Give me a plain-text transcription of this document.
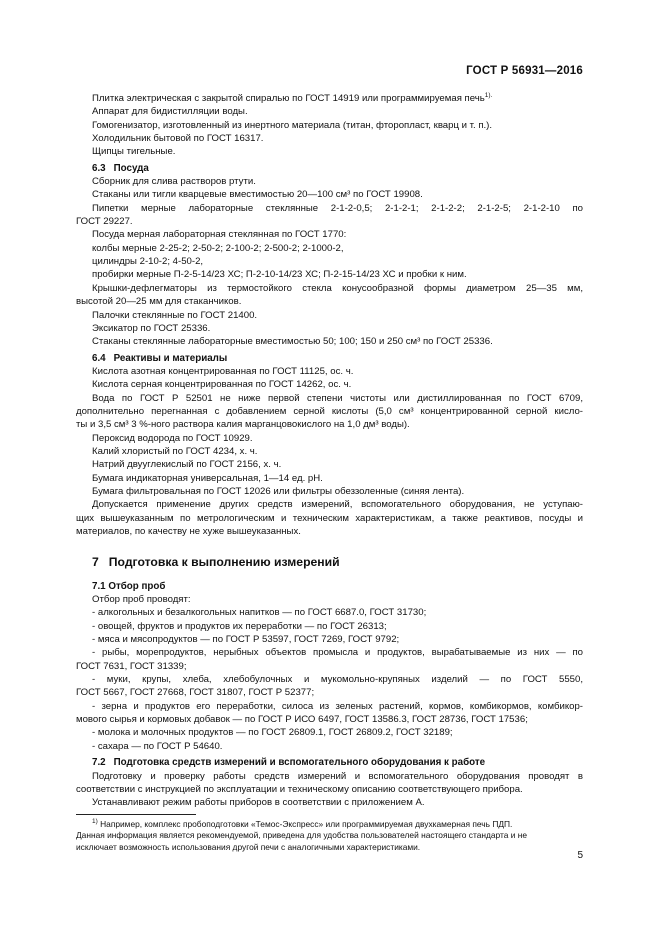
ГОСТ Р 56931—2016
Плитка электрическая с закрытой спиралью по ГОСТ 14919 или программируемая печь$^{1).}$
Аппарат для бидистилляции воды.
Гомогенизатор, изготовленный из инертного материала (титан, фторопласт, кварц и т. п.).
Холодильник бытовой по ГОСТ 16317.
Щипцы тигельные.
6.3 Посуда
Сборник для слива растворов ртути.
Стаканы или тигли кварцевые вместимостью 20—100 см³ по ГОСТ 19908.
Пипетки мерные лабораторные стеклянные 2-1-2-0,5; 2-1-2-1; 2-1-2-2; 2-1-2-5; 2-1-2-10 по
ГОСТ 29227.
Посуда мерная лабораторная стеклянная по ГОСТ 1770:
колбы мерные 2-25-2; 2-50-2; 2-100-2; 2-500-2; 2-1000-2,
цилиндры 2-10-2; 4-50-2,
пробирки мерные П-2-5-14/23 ХС; П-2-10-14/23 ХС; П-2-15-14/23 ХС и пробки к ним.
Крышки-дефлегматоры из термостойкого стекла конусообразной формы диаметром 25—35 мм,
высотой 20—25 мм для стаканчиков.
Палочки стеклянные по ГОСТ 21400.
Эксикатор по ГОСТ 25336.
Стаканы стеклянные лабораторные вместимостью 50; 100; 150 и 250 см³ по ГОСТ 25336.
6.4 Реактивы и материалы
Кислота азотная концентрированная по ГОСТ 11125, ос. ч.
Кислота серная концентрированная по ГОСТ 14262, ос. ч.
Вода по ГОСТ Р 52501 не ниже первой степени чистоты или дистиллированная по ГОСТ 6709,
дополнительно перегнанная с добавлением серной кислоты (5,0 см³ концентрированной серной кисло-
ты и 3,5 см³ 3 %-ного раствора калия марганцовокислого на 1,0 дм³ воды).
Пероксид водорода по ГОСТ 10929.
Калий хлористый по ГОСТ 4234, х. ч.
Натрий двууглекислый по ГОСТ 2156, х. ч.
Бумага индикаторная универсальная, 1—14 ед. pH.
Бумага фильтровальная по ГОСТ 12026 или фильтры обеззоленные (синяя лента).
Допускается применение других средств измерений, вспомогательного оборудования, не уступаю-
щих вышеуказанным по метрологическим и техническим характеристикам, а также реактивов, посуды и
материалов, по качеству не хуже вышеуказанных.
7 Подготовка к выполнению измерений
7.1 Отбор проб
Отбор проб проводят:
- алкогольных и безалкогольных напитков — по ГОСТ 6687.0, ГОСТ 31730;
- овощей, фруктов и продуктов их переработки — по ГОСТ 26313;
- мяса и мясопродуктов — по ГОСТ Р 53597, ГОСТ 7269, ГОСТ 9792;
- рыбы, морепродуктов, нерыбных объектов промысла и продуктов, вырабатываемые из них — по
ГОСТ 7631, ГОСТ 31339;
- муки, крупы, хлеба, хлебобулочных и мукомольно-крупяных изделий — по ГОСТ 5550,
ГОСТ 5667, ГОСТ 27668, ГОСТ 31807, ГОСТ Р 52377;
- зерна и продуктов его переработки, силоса из зеленых растений, кормов, комбикормов, комбикор-
мового сырья и кормовых добавок — по ГОСТ Р ИСО 6497, ГОСТ 13586.3, ГОСТ 28736, ГОСТ 17536;
- молока и молочных продуктов — по ГОСТ 26809.1, ГОСТ 26809.2, ГОСТ 32189;
- сахара — по ГОСТ Р 54640.
7.2 Подготовка средств измерений и вспомогательного оборудования к работе
Подготовку и проверку работы средств измерений и вспомогательного оборудования проводят в
соответствии с инструкцией по эксплуатации и техническому описанию соответствующего прибора.
Устанавливают режим работы приборов в соответствии с приложением А.
$^{1)}$ Например, комплекс пробоподготовки «Темос-Экспресс» или программируемая двухкамерная печь ПДП.
Данная информация является рекомендуемой, приведена для удобства пользователей настоящего стандарта и не
исключает возможность использования другой печи с аналогичными характеристиками.
5
